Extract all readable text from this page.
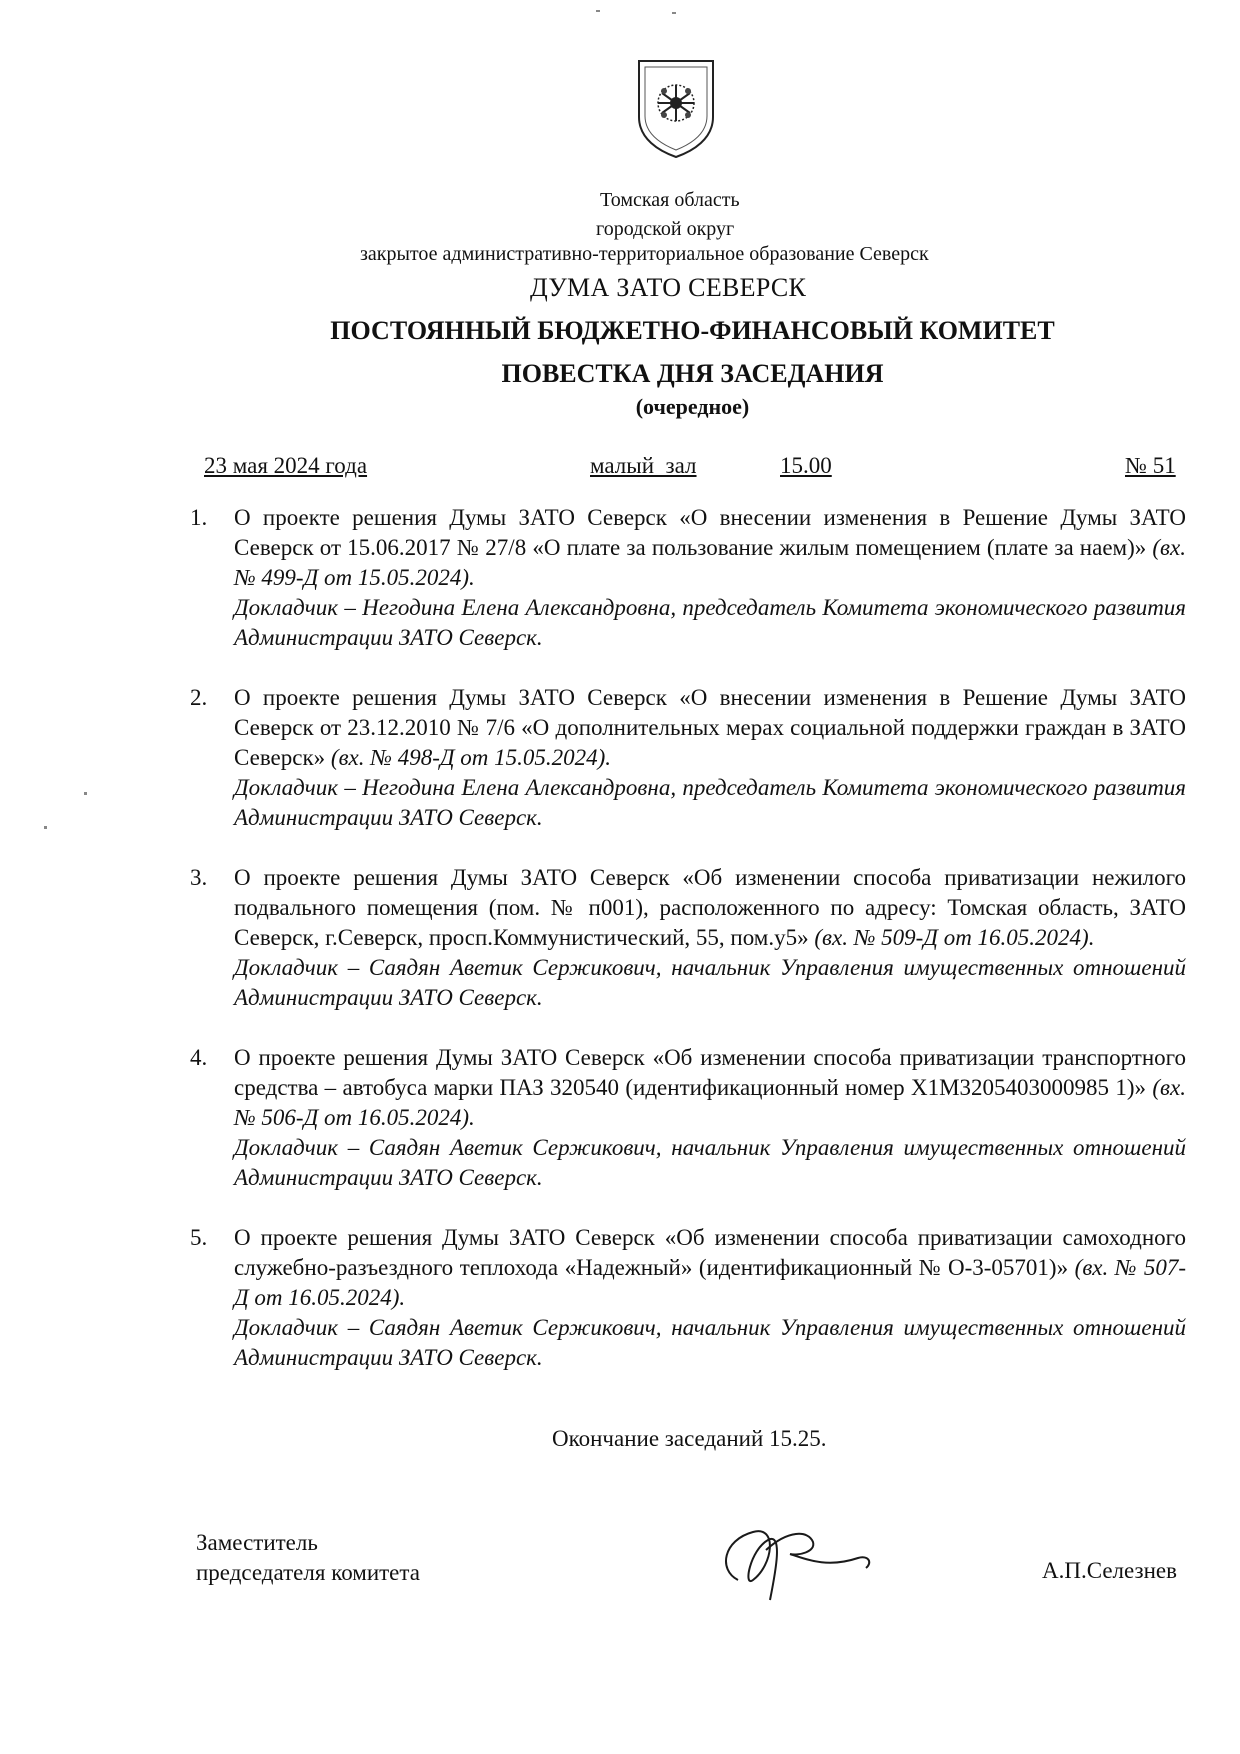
Томская область
городской округ
закрытое административно-территориальное образование Северск
ДУМА ЗАТО СЕВЕРСК
ПОСТОЯННЫЙ БЮДЖЕТНО-ФИНАНСОВЫЙ КОМИТЕТ
ПОВЕСТКА ДНЯ ЗАСЕДАНИЯ
(очередное)
23 мая 2024 года	малый  зал	15.00	№ 51
1.	О проекте решения Думы ЗАТО Северск «О внесении изменения в Решение Думы ЗАТО Северск от 15.06.2017 № 27/8 «О плате за пользование жилым помещением (плате за наем)» (вх. № 499-Д от 15.05.2024).
Докладчик – Негодина Елена Александровна, председатель Комитета экономического развития Администрации ЗАТО Северск.
2.	О проекте решения Думы ЗАТО Северск «О внесении изменения в Решение Думы ЗАТО Северск от 23.12.2010 № 7/6 «О дополнительных мерах социальной поддержки граждан в ЗАТО Северск» (вх. № 498-Д от 15.05.2024).
Докладчик – Негодина Елена Александровна, председатель Комитета экономического развития Администрации ЗАТО Северск.
3.	О проекте решения Думы ЗАТО Северск «Об изменении способа приватизации нежилого подвального помещения (пом. № п001), расположенного по адресу: Томская область, ЗАТО Северск, г.Северск, просп.Коммунистический, 55, пом.у5» (вх. № 509-Д от 16.05.2024).
Докладчик – Саядян Аветик Сержикович, начальник Управления имущественных отношений Администрации ЗАТО Северск.
4.	О проекте решения Думы ЗАТО Северск «Об изменении способа приватизации транспортного средства – автобуса марки ПАЗ 320540 (идентификационный номер X1M3205403000985 1)» (вх. № 506-Д от 16.05.2024).
Докладчик – Саядян Аветик Сержикович, начальник Управления имущественных отношений Администрации ЗАТО Северск.
5.	О проекте решения Думы ЗАТО Северск «Об изменении способа приватизации самоходного служебно-разъездного теплохода «Надежный» (идентификационный № О-3-05701)» (вх. № 507-Д от 16.05.2024).
Докладчик – Саядян Аветик Сержикович, начальник Управления имущественных отношений Администрации ЗАТО Северск.
Окончание заседаний 15.25.
Заместитель
председателя комитета	А.П.Селезнев
